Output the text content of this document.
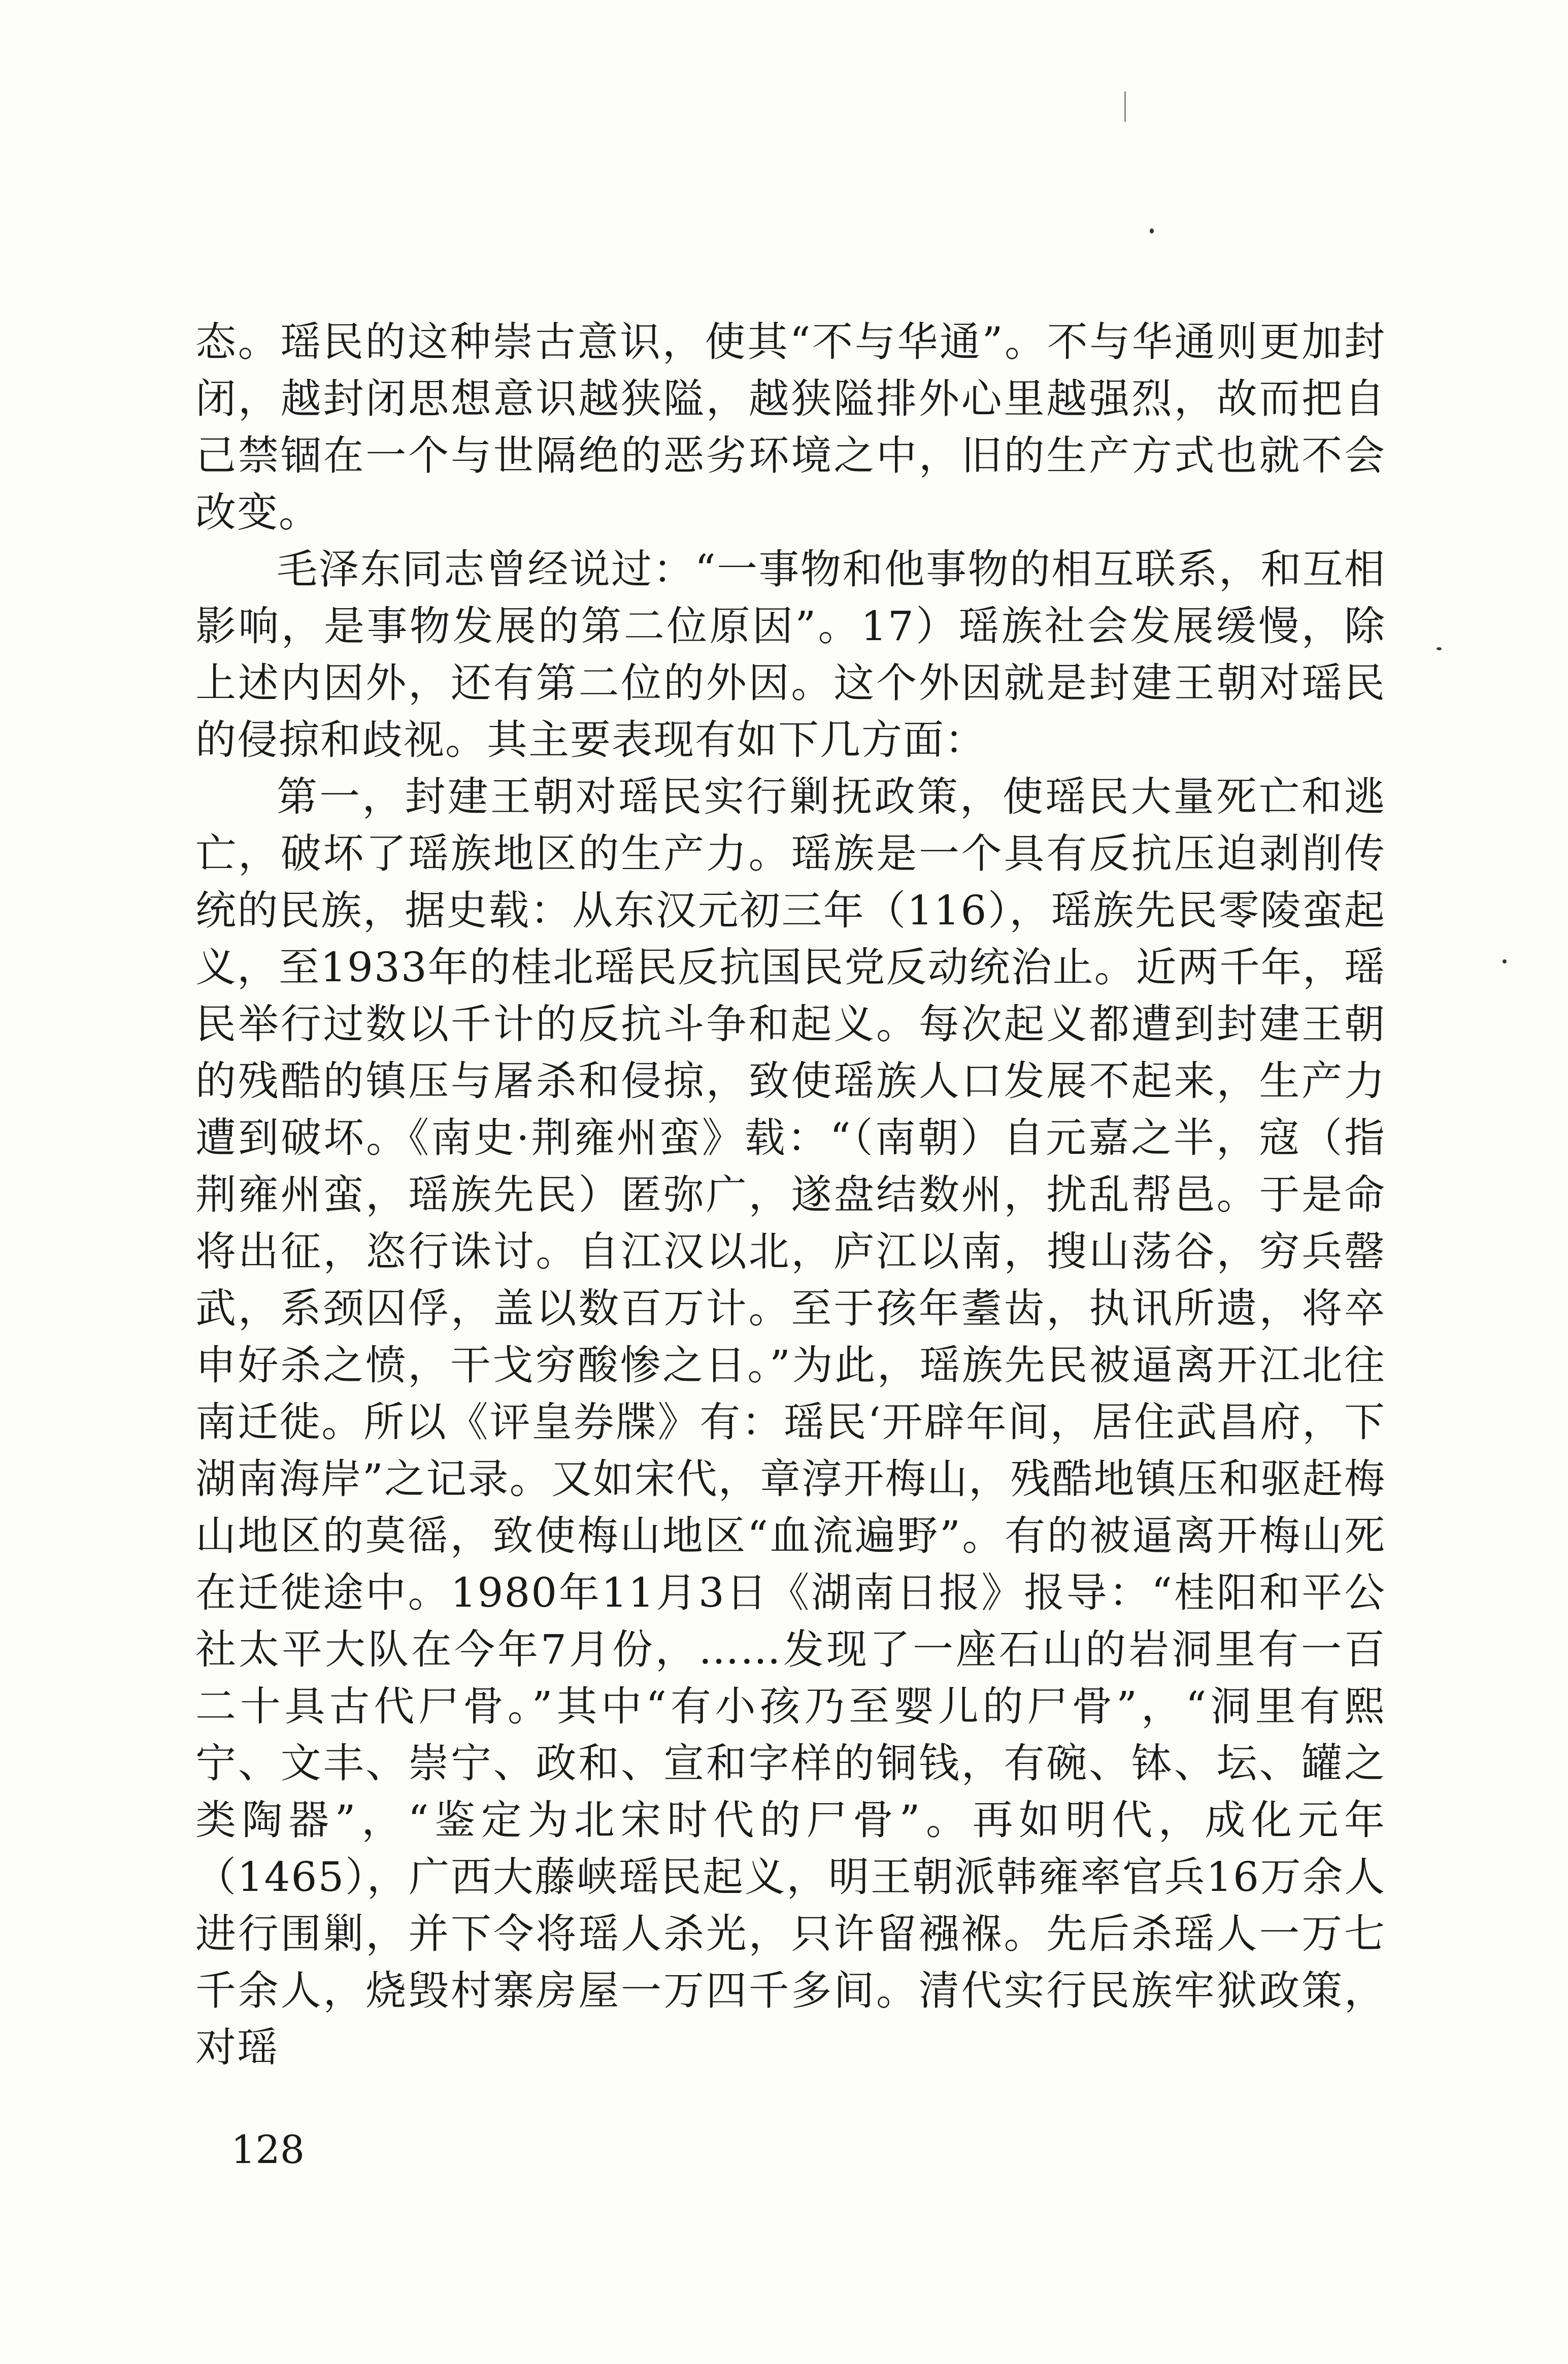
态。瑶民的这种崇古意识，使其“不与华通”。不与华通则更加封闭，越封闭思想意识越狭隘，越狭隘排外心里越强烈，故而把自己禁锢在一个与世隔绝的恶劣环境之中，旧的生产方式也就不会改变。

毛泽东同志曾经说过：“一事物和他事物的相互联系，和互相影响，是事物发展的第二位原因”。17）瑶族社会发展缓慢，除上述内因外，还有第二位的外因。这个外因就是封建王朝对瑶民的侵掠和歧视。其主要表现有如下几方面：

第一，封建王朝对瑶民实行剿抚政策，使瑶民大量死亡和逃亡，破坏了瑶族地区的生产力。瑶族是一个具有反抗压迫剥削传统的民族，据史载：从东汉元初三年（116），瑶族先民零陵蛮起义，至1933年的桂北瑶民反抗国民党反动统治止。近两千年，瑶民举行过数以千计的反抗斗争和起义。每次起义都遭到封建王朝的残酷的镇压与屠杀和侵掠，致使瑶族人口发展不起来，生产力遭到破坏。《南史·荆雍州蛮》载：“（南朝）自元嘉之半，寇（指荆雍州蛮，瑶族先民）匿弥广，遂盘结数州，扰乱帮邑。于是命将出征，恣行诛讨。自江汉以北，庐江以南，搜山荡谷，穷兵罄武，系颈囚俘，盖以数百万计。至于孩年耋齿，执讯所遗，将卒申好杀之愤，干戈穷酸惨之日。”为此，瑶族先民被逼离开江北往南迁徙。所以《评皇券牒》有：瑶民‘开辟年间，居住武昌府，下湖南海岸”之记录。又如宋代，章淳开梅山，残酷地镇压和驱赶梅山地区的莫徭，致使梅山地区“血流遍野”。有的被逼离开梅山死在迁徙途中。1980年11月3日《湖南日报》报导：“桂阳和平公社太平大队在今年7月份，……发现了一座石山的岩洞里有一百二十具古代尸骨。”其中“有小孩乃至婴儿的尸骨”，“洞里有熙宁、文丰、崇宁、政和、宣和字样的铜钱，有碗、钵、坛、罐之类陶器”，“鉴定为北宋时代的尸骨”。再如明代，成化元年（1465），广西大藤峡瑶民起义，明王朝派韩雍率官兵16万余人进行围剿，并下令将瑶人杀光，只许留襁褓。先后杀瑶人一万七千余人，烧毁村寨房屋一万四千多间。清代实行民族牢狱政策，对瑶

128
